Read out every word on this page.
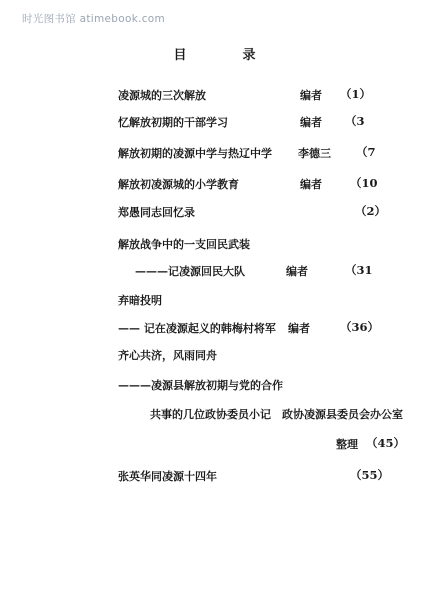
时光图书馆 atimebook.com
目录
凌源城的三次解放	编者 （1）
忆解放初期的干部学习	编者 （3
解放初期的凌源中学与热辽中学 李德三 （7
解放初凌源城的小学教育	编者 （10
郑愚同志回忆录	（2）
解放战争中的一支回民武装
———记凌源回民大队	编者	（31
弃暗投明
—— 记在凌源起义的韩梅村将军 编者	（36）
齐心共济，风雨同舟
———凌源县解放初期与党的合作
共事的几位政协委员小记 政协凌源县委员会办公室
整理 （45）
张英华同凌源十四年	（55）
